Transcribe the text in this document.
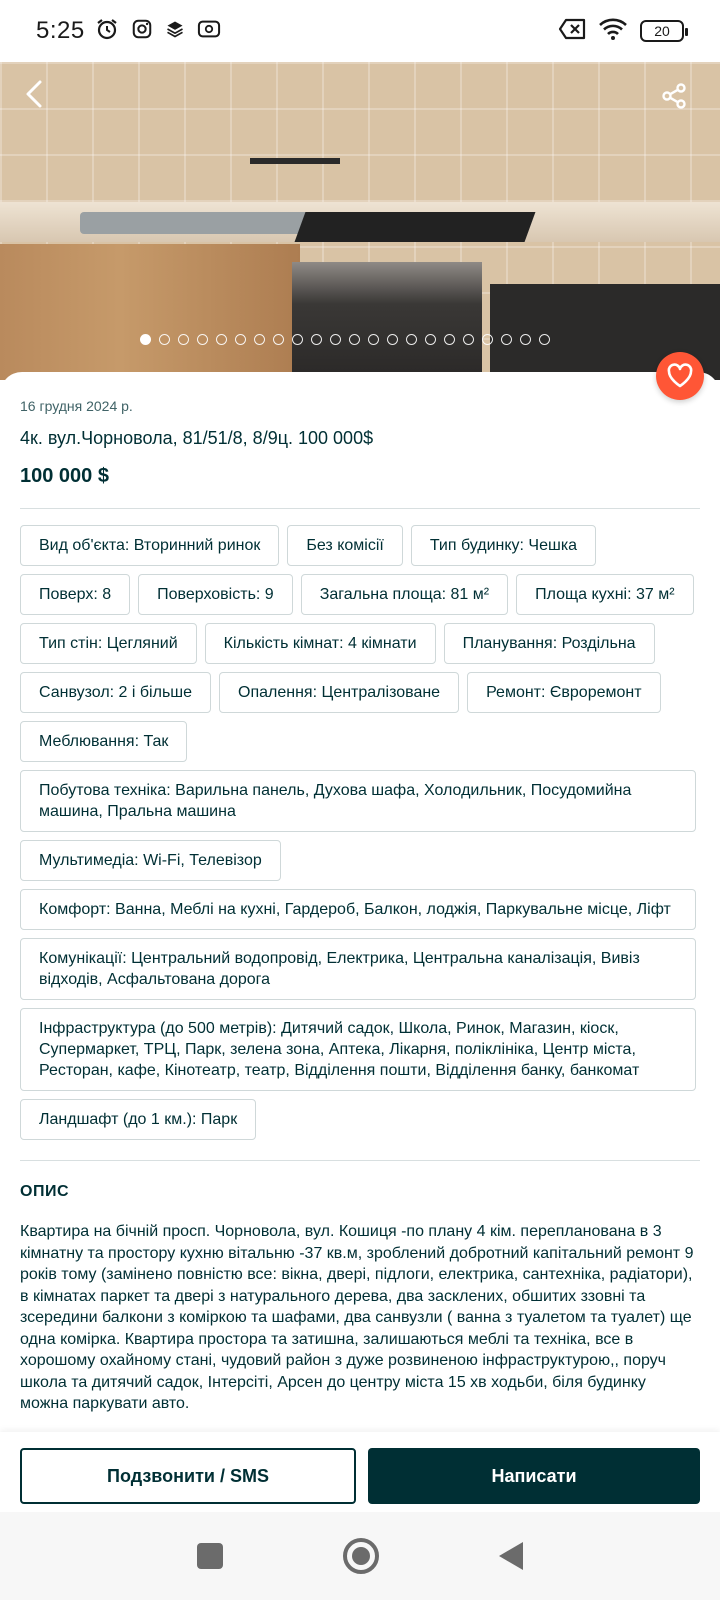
5:25	20
16 грудня 2024 р.
4к. вул.Чорновола, 81/51/8, 8/9ц. 100 000$
100 000 $
Вид об'єкта: Вторинний ринок	Без комісії	Тип будинку: Чешка
Поверх: 8	Поверховість: 9	Загальна площа: 81 м²	Площа кухні: 37 м²
Тип стін: Цегляний	Кількість кімнат: 4 кімнати	Планування: Роздільна
Санвузол: 2 і більше	Опалення: Централізоване	Ремонт: Євроремонт
Меблювання: Так
Побутова техніка: Варильна панель, Духова шафа, Холодильник, Посудомийна машина, Пральна машина
Мультимедіа: Wi-Fi, Телевізор
Комфорт: Ванна, Меблі на кухні, Гардероб, Балкон, лоджія, Паркувальне місце, Ліфт
Комунікації: Центральний водопровід, Електрика, Центральна каналізація, Вивіз відходів, Асфальтована дорога
Інфраструктура (до 500 метрів): Дитячий садок, Школа, Ринок, Магазин, кіоск, Супермаркет, ТРЦ, Парк, зелена зона, Аптека, Лікарня, поліклініка, Центр міста, Ресторан, кафе, Кінотеатр, театр, Відділення пошти, Відділення банку, банкомат
Ландшафт (до 1 км.): Парк
ОПИС
Квартира на бічній просп. Чорновола, вул. Кошиця -по плану 4 кім. перепланована в 3 кімнатну та простору кухню вітальню -37 кв.м, зроблений добротний капітальний ремонт 9 років тому (замінено повністю все: вікна, двері, підлоги, електрика, сантехніка, радіатори), в кімнатах паркет та двері з натурального дерева, два засклених, обшитих ззовні та зсередини балкони з коміркою та шафами, два санвузли ( ванна з туалетом та туалет) ще одна комірка. Квартира простора та затишна, залишаються меблі та техніка, все в хорошому охайному стані, чудовий район з дуже розвиненою інфраструктурою,, поруч школа та дитячий садок, Інтерсіті, Арсен до центру міста 15 хв ходьби, біля будинку можна паркувати авто.
Подзвонити / SMS	Написати
